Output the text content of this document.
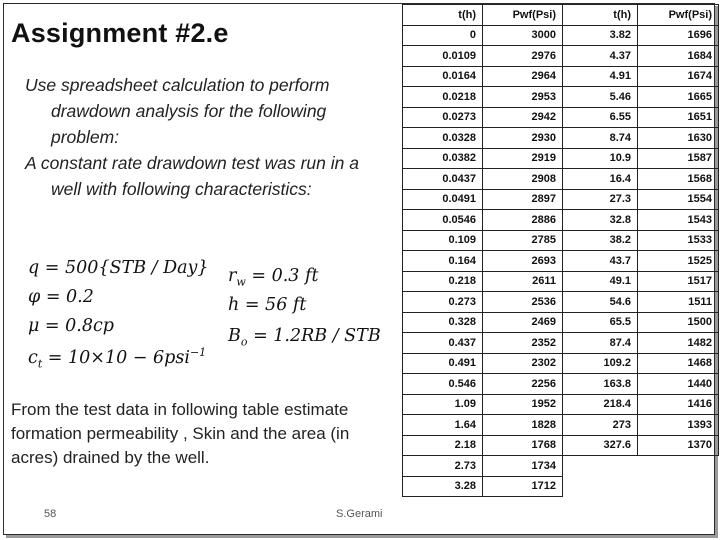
Assignment #2.e

Use spreadsheet calculation to perform drawdown analysis for the following problem:

A constant rate drawdown test was run in a well with following characteristics:

q = 500{STB / Day}
φ = 0.2
μ = 0.8cp
$c_t = 10\times 10 - 6psi^{-1}$
$r_w = 0.3$ ft
h = 56 ft
$B_o = 1.2RB$ / STB
From the test data in following table estimate formation permeability , Skin and the area (in acres) drained by the well.
58	S.Gerami
t(h)	Pwf(Psi)	t(h)	Pwf(Psi)
0	3000	3.82	1696
0.0109	2976	4.37	1684
0.0164	2964	4.91	1674
0.0218	2953	5.46	1665
0.0273	2942	6.55	1651
0.0328	2930	8.74	1630
0.0382	2919	10.9	1587
0.0437	2908	16.4	1568
0.0491	2897	27.3	1554
0.0546	2886	32.8	1543
0.109	2785	38.2	1533
0.164	2693	43.7	1525
0.218	2611	49.1	1517
0.273	2536	54.6	1511
0.328	2469	65.5	1500
0.437	2352	87.4	1482
0.491	2302	109.2	1468
0.546	2256	163.8	1440
1.09	1952	218.4	1416
1.64	1828	273	1393
2.18	1768	327.6	1370
2.73	1734		
3.28	1712		
